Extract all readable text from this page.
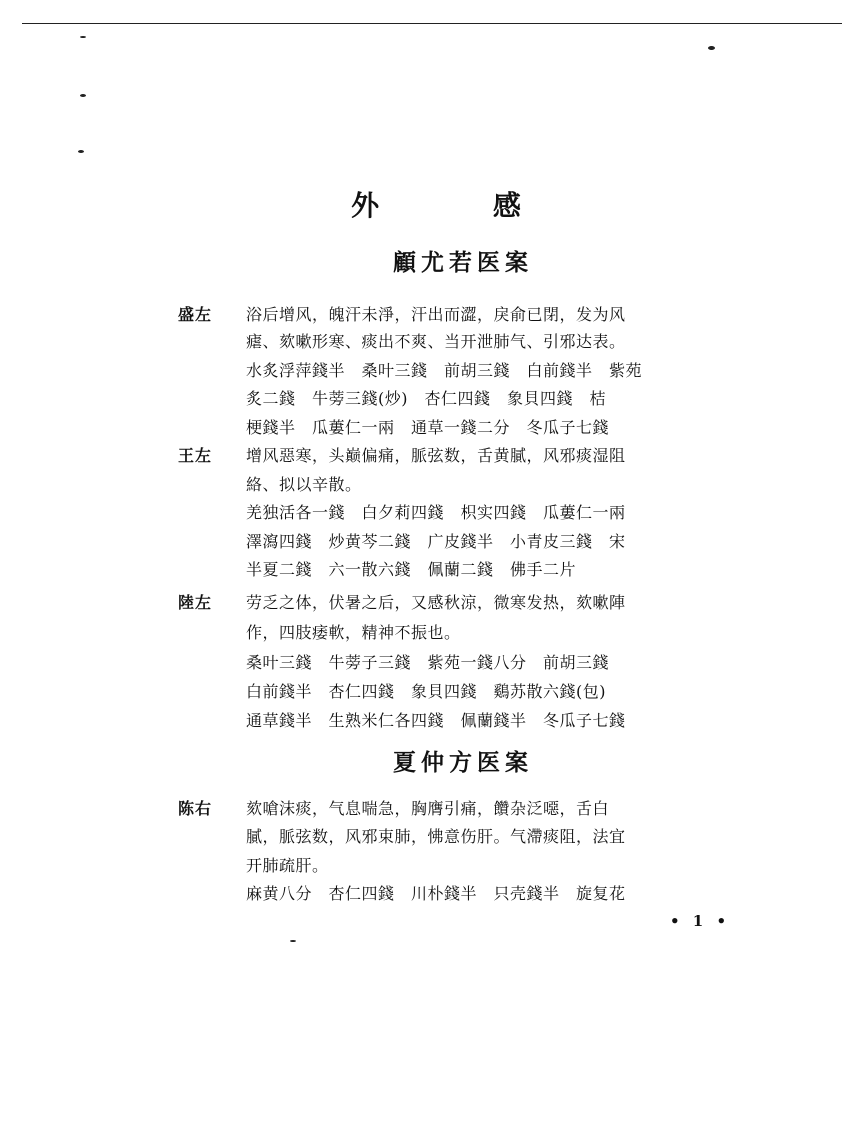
外 感
顧尤若医案
盛左 浴后增风，魄汗未淨，汗出而澀，戾俞已閉，发为风
瘧、欬嗽形寒、痰出不爽、当开泄肺气、引邪达表。
水炙浮萍錢半　桑叶三錢　前胡三錢　白前錢半　紫苑
炙二錢　牛蒡三錢(炒)　杏仁四錢　象貝四錢　桔
梗錢半　瓜蔞仁一兩　通草一錢二分　冬瓜子七錢
王左 增风惡寒，头巅偏痛，脈弦数，舌黄膩，风邪痰湿阻
絡、拟以辛散。
羌独活各一錢　白夕莉四錢　枳实四錢　瓜蔞仁一兩
澤瀉四錢　炒黄芩二錢　广皮錢半　小青皮三錢　宋
半夏二錢　六一散六錢　佩蘭二錢　佛手二片
陸左 劳乏之体，伏暑之后，又感秋涼，微寒发热，欬嗽陣
作，四肢痿軟，精神不振也。
桑叶三錢　牛蒡子三錢　紫苑一錢八分　前胡三錢
白前錢半　杏仁四錢　象貝四錢　鷄苏散六錢(包)
通草錢半　生熟米仁各四錢　佩蘭錢半　冬瓜子七錢
夏仲方医案
陈右 欬嗆沫痰，气息喘急，胸膺引痛，饡杂泛噁，舌白
膩，脈弦数，风邪束肺，怫意伤肝。气滯痰阻，法宜
开肺疏肝。
麻黄八分　杏仁四錢　川朴錢半　只壳錢半　旋复花
• 1 •
